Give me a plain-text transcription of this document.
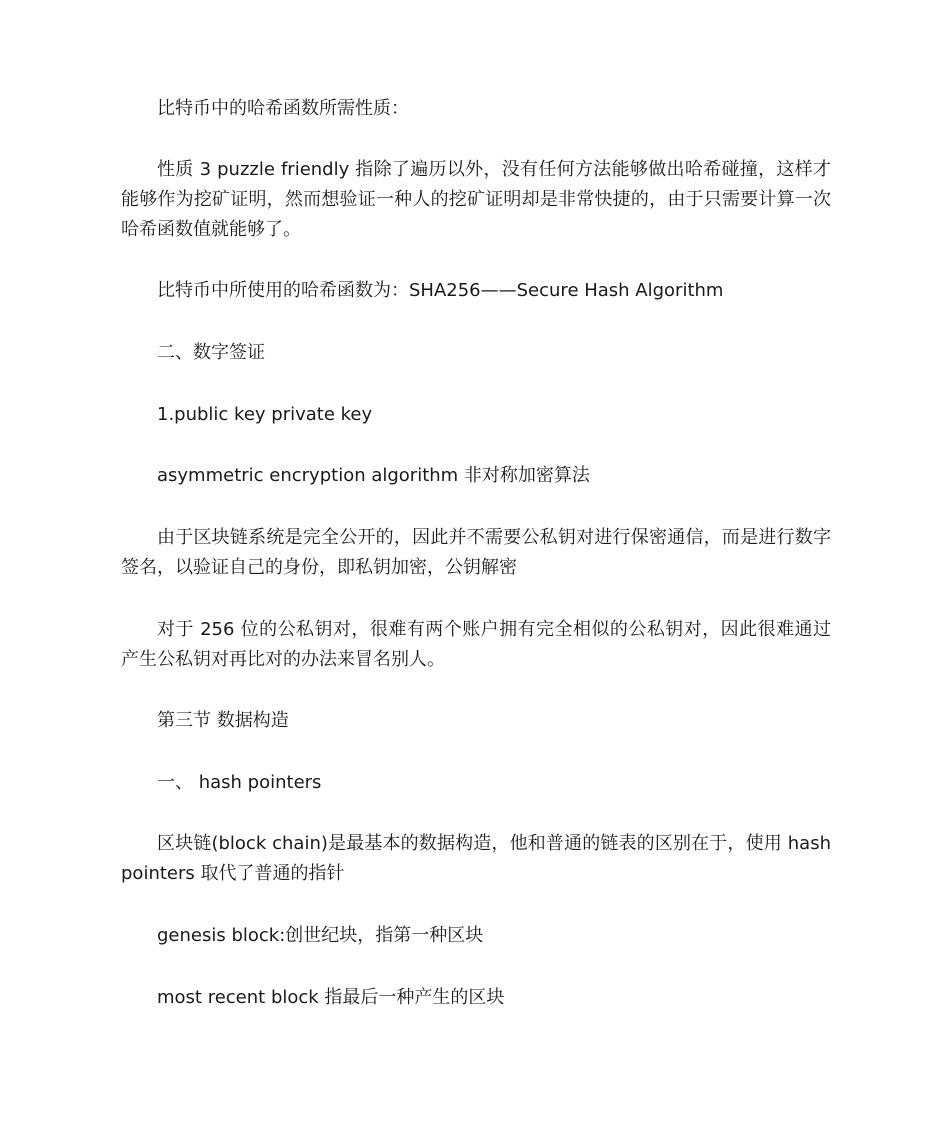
比特币中的哈希函数所需性质：

性质 3 puzzle friendly 指除了遍历以外，没有任何方法能够做出哈希碰撞，这样才能够作为挖矿证明，然而想验证一种人的挖矿证明却是非常快捷的，由于只需要计算一次哈希函数值就能够了。

比特币中所使用的哈希函数为：SHA256——Secure Hash Algorithm

二、数字签证

1.public key private key

asymmetric encryption algorithm 非对称加密算法

由于区块链系统是完全公开的，因此并不需要公私钥对进行保密通信，而是进行数字签名，以验证自己的身份，即私钥加密，公钥解密

对于 256 位的公私钥对，很难有两个账户拥有完全相似的公私钥对，因此很难通过产生公私钥对再比对的办法来冒名别人。

第三节 数据构造

一、 hash pointers

区块链(block chain)是最基本的数据构造，他和普通的链表的区别在于，使用 hash pointers 取代了普通的指针

genesis block:创世纪块，指第一种区块

most recent block 指最后一种产生的区块
